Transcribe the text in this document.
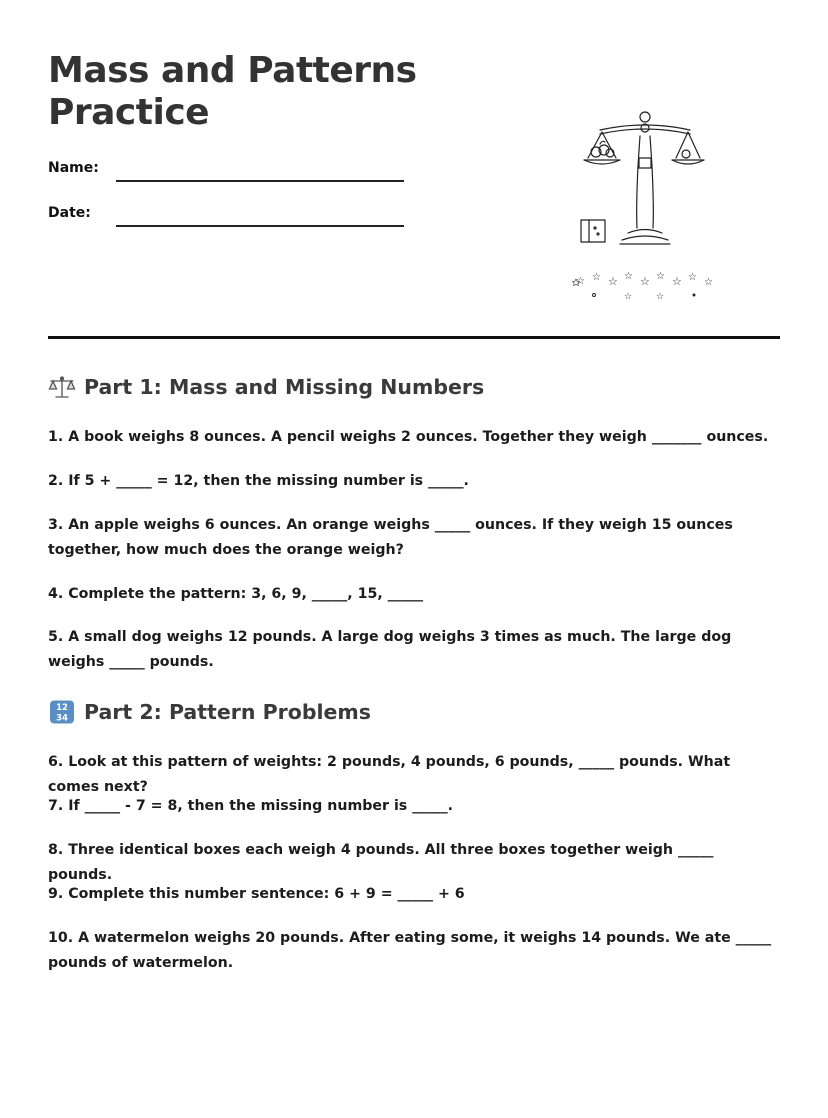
Mass and Patterns
Practice
Name:
Date:
☆ ☆ ☆ ☆ ☆ ☆ ☆ ☆ ☆
☆	☆
Part 1: Mass and Missing Numbers

1. A book weighs 8 ounces. A pencil weighs 2 ounces. Together they weigh _______ ounces.

2. If 5 + _____ = 12, then the missing number is _____.

3. An apple weighs 6 ounces. An orange weighs _____ ounces. If they weigh 15 ounces together, how much does the orange weigh?

4. Complete the pattern: 3, 6, 9, _____, 15, _____

5. A small dog weighs 12 pounds. A large dog weighs 3 times as much. The large dog weighs _____ pounds.

12
34 Part 2: Pattern Problems

6. Look at this pattern of weights: 2 pounds, 4 pounds, 6 pounds, _____ pounds. What comes next?

7. If _____ - 7 = 8, then the missing number is _____.

8. Three identical boxes each weigh 4 pounds. All three boxes together weigh _____ pounds.

9. Complete this number sentence: 6 + 9 = _____ + 6

10. A watermelon weighs 20 pounds. After eating some, it weighs 14 pounds. We ate _____ pounds of watermelon.
